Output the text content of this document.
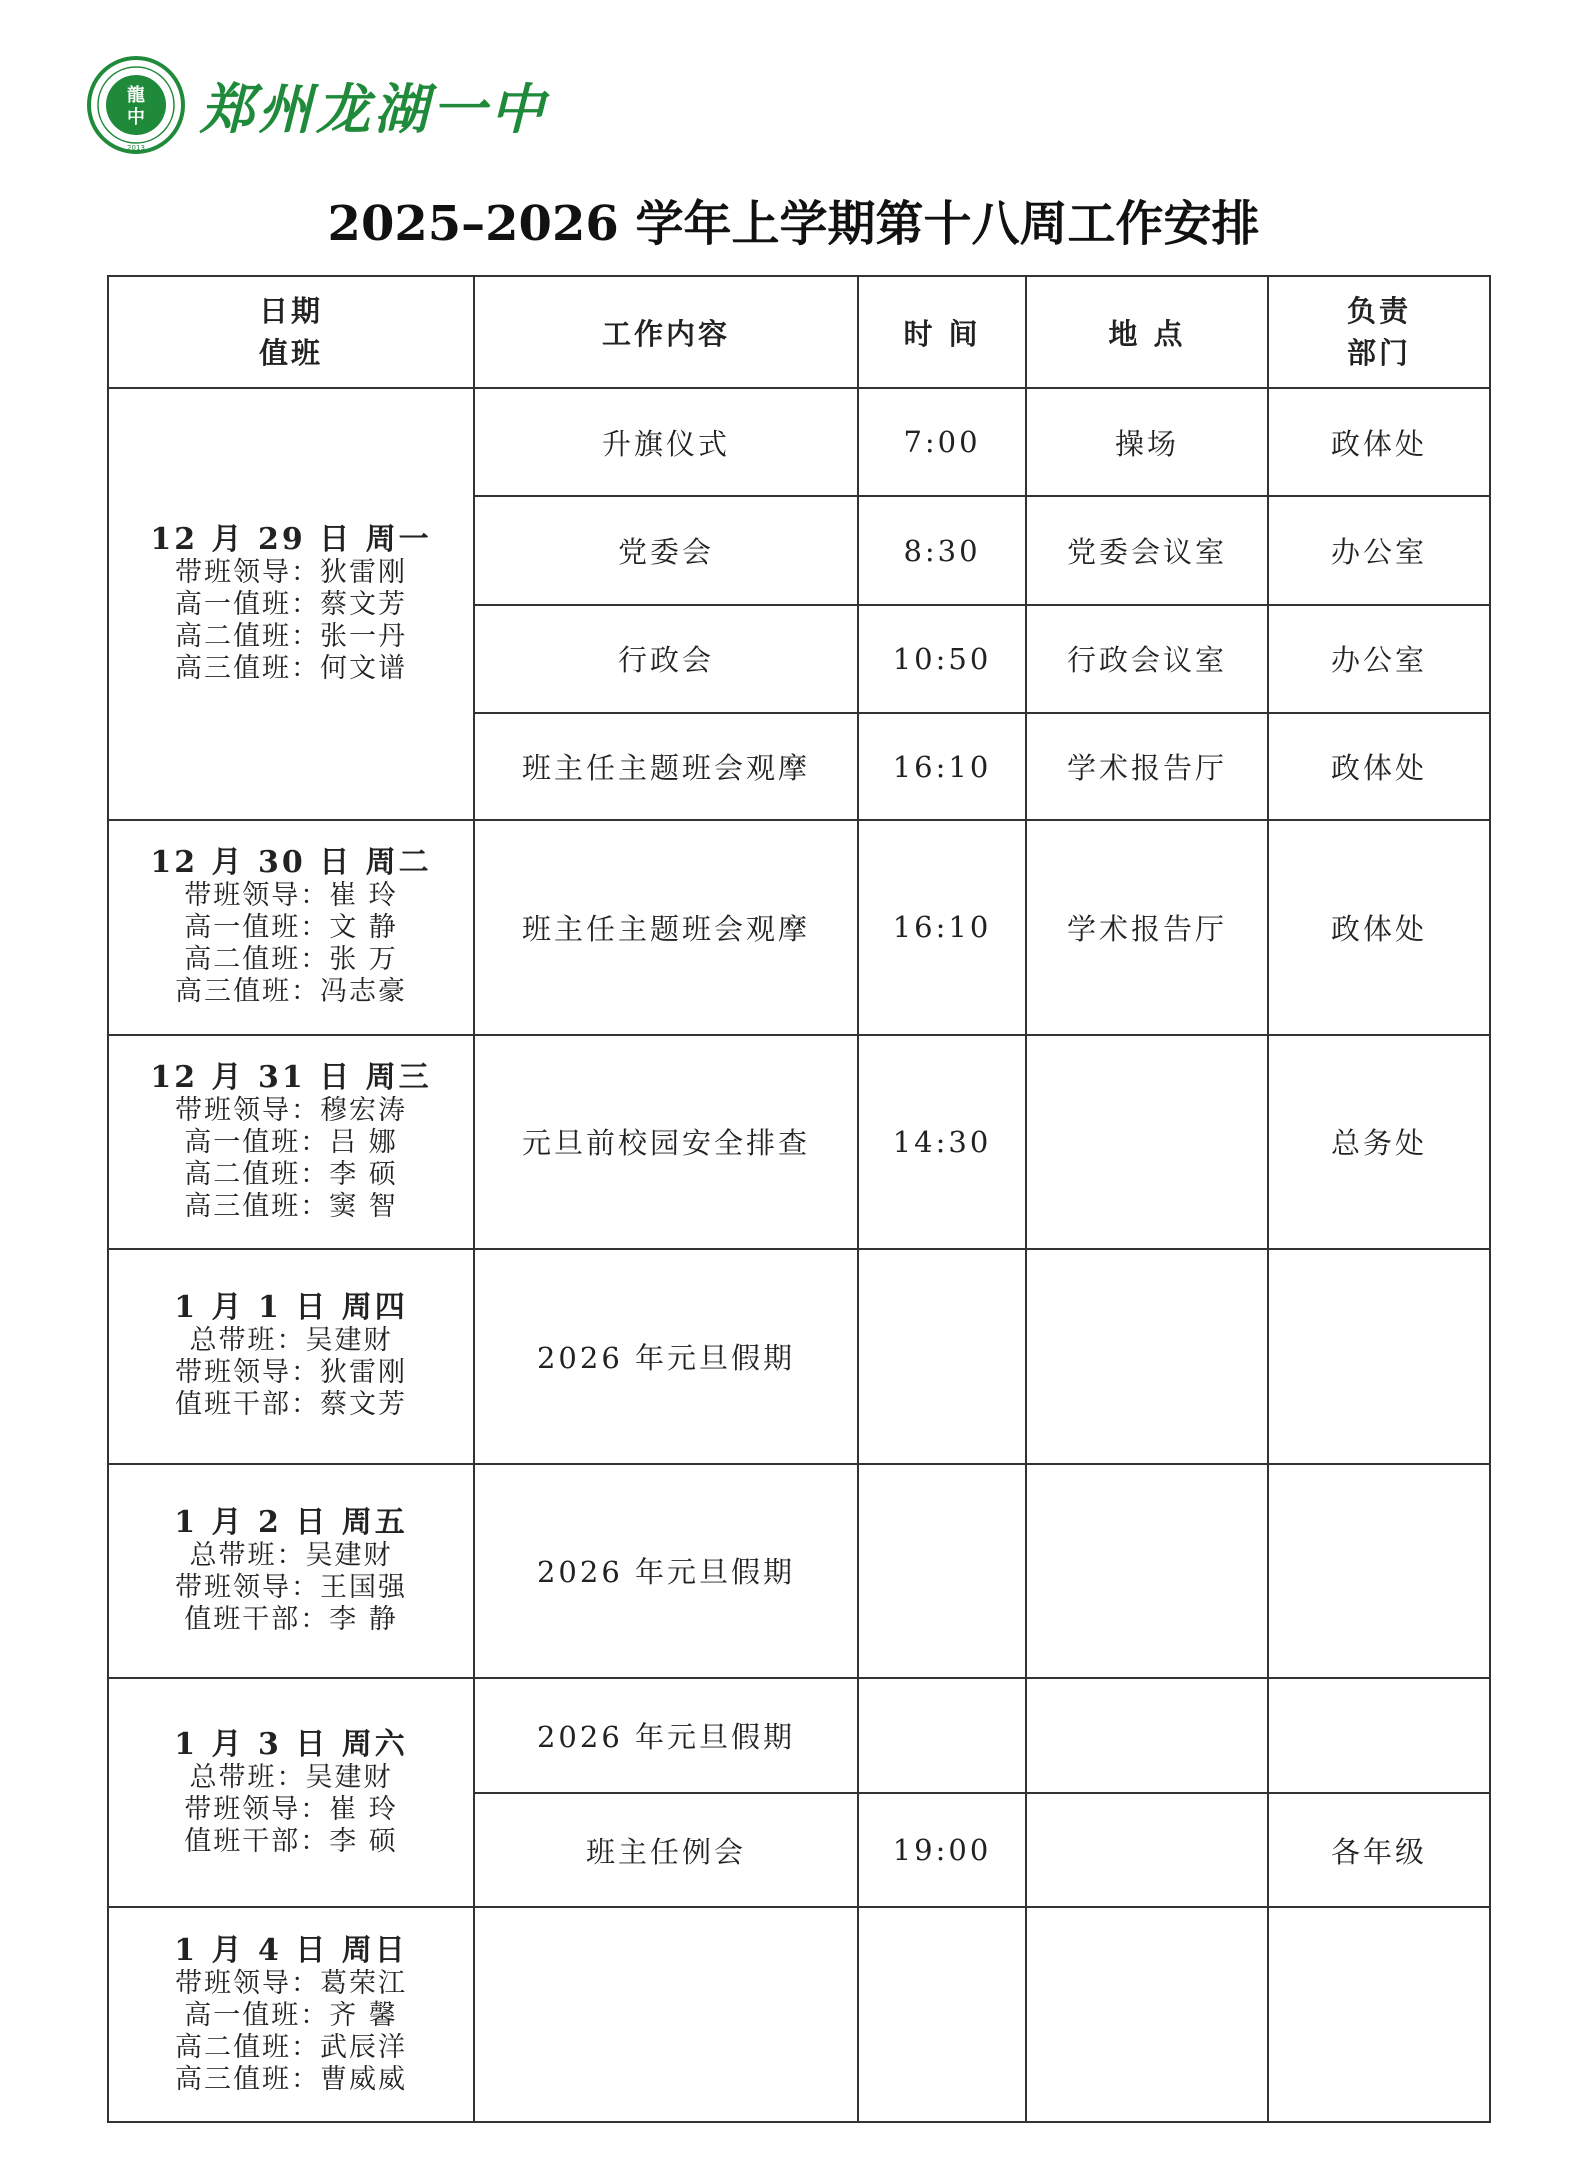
龍
中
2013
郑州龙湖一中
2025–2026 学年上学期第十八周工作安排
日期
值班	工作内容	时 间	地 点	负责
部门

12 月 29 日 周一
带班领导：狄雷刚
高一值班：蔡文芳
高二值班：张一丹
高三值班：何文谱	升旗仪式	7:00	操场	政体处
	党委会	8:30	党委会议室	办公室
	行政会	10:50	行政会议室	办公室
	班主任主题班会观摩	16:10	学术报告厅	政体处

12 月 30 日 周二
带班领导：崔 玲
高一值班：文 静
高二值班：张 万
高三值班：冯志豪	班主任主题班会观摩	16:10	学术报告厅	政体处

12 月 31 日 周三
带班领导：穆宏涛
高一值班：吕 娜
高二值班：李 硕
高三值班：窦 智	元旦前校园安全排查	14:30		总务处

1 月 1 日 周四
总带班：吴建财
带班领导：狄雷刚
值班干部：蔡文芳	2026 年元旦假期			

1 月 2 日 周五
总带班：吴建财
带班领导：王国强
值班干部：李 静	2026 年元旦假期			

1 月 3 日 周六
总带班：吴建财
带班领导：崔 玲
值班干部：李 硕	2026 年元旦假期			
	班主任例会	19:00		各年级

1 月 4 日 周日
带班领导：葛荣江
高一值班：齐 馨
高二值班：武辰洋
高三值班：曹威威				
